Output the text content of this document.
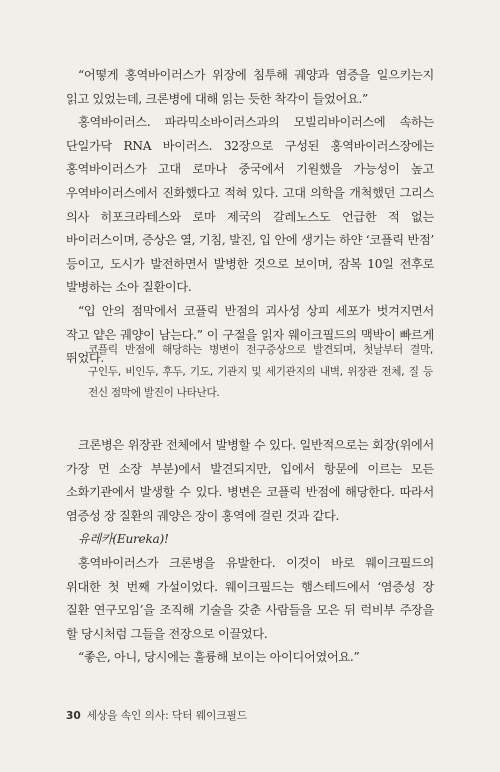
“어떻게 홍역바이러스가 위장에 침투해 궤양과 염증을 일으키는지 읽고 있었는데, 크론병에 대해 읽는 듯한 착각이 들었어요.”

홍역바이러스. 파라믹소바이러스과의 모빌리바이러스에 속하는 단일가닥 RNA 바이러스. 32장으로 구성된 홍역바이러스장에는 홍역바이러스가 고대 로마나 중국에서 기원했을 가능성이 높고 우역바이러스에서 진화했다고 적혀 있다. 고대 의학을 개척했던 그리스 의사 히포크라테스와 로마 제국의 갈레노스도 언급한 적 없는 바이러스이며, 증상은 열, 기침, 발진, 입 안에 생기는 하얀 ‘코플릭 반점’ 등이고, 도시가 발전하면서 발병한 것으로 보이며, 잠복 10일 전후로 발병하는 소아 질환이다.

“입 안의 점막에서 코플릭 반점의 괴사성 상피 세포가 벗겨지면서 작고 얕은 궤양이 남는다.” 이 구절을 읽자 웨이크필드의 맥박이 빠르게 뛰었다.

코플릭 반점에 해당하는 병변이 전구증상으로 발견되며, 첫날부터 결막, 구인두, 비인두, 후두, 기도, 기관지 및 세기관지의 내벽, 위장관 전체, 질 등 전신 점막에 발진이 나타난다.

크론병은 위장관 전체에서 발병할 수 있다. 일반적으로는 회장(위에서 가장 먼 소장 부분)에서 발견되지만, 입에서 항문에 이르는 모든 소화기관에서 발생할 수 있다. 병변은 코플릭 반점에 해당한다. 따라서 염증성 장 질환의 궤양은 장이 홍역에 걸린 것과 같다.

유레카(Eureka)!

홍역바이러스가 크론병을 유발한다. 이것이 바로 웨이크필드의 위대한 첫 번째 가설이었다. 웨이크필드는 햄스테드에서 ‘염증성 장 질환 연구모임’을 조직해 기술을 갖춘 사람들을 모은 뒤 럭비부 주장을 할 당시처럼 그들을 전장으로 이끌었다.

“좋은, 아니, 당시에는 훌륭해 보이는 아이디어였어요.”

30 세상을 속인 의사: 닥터 웨이크필드
